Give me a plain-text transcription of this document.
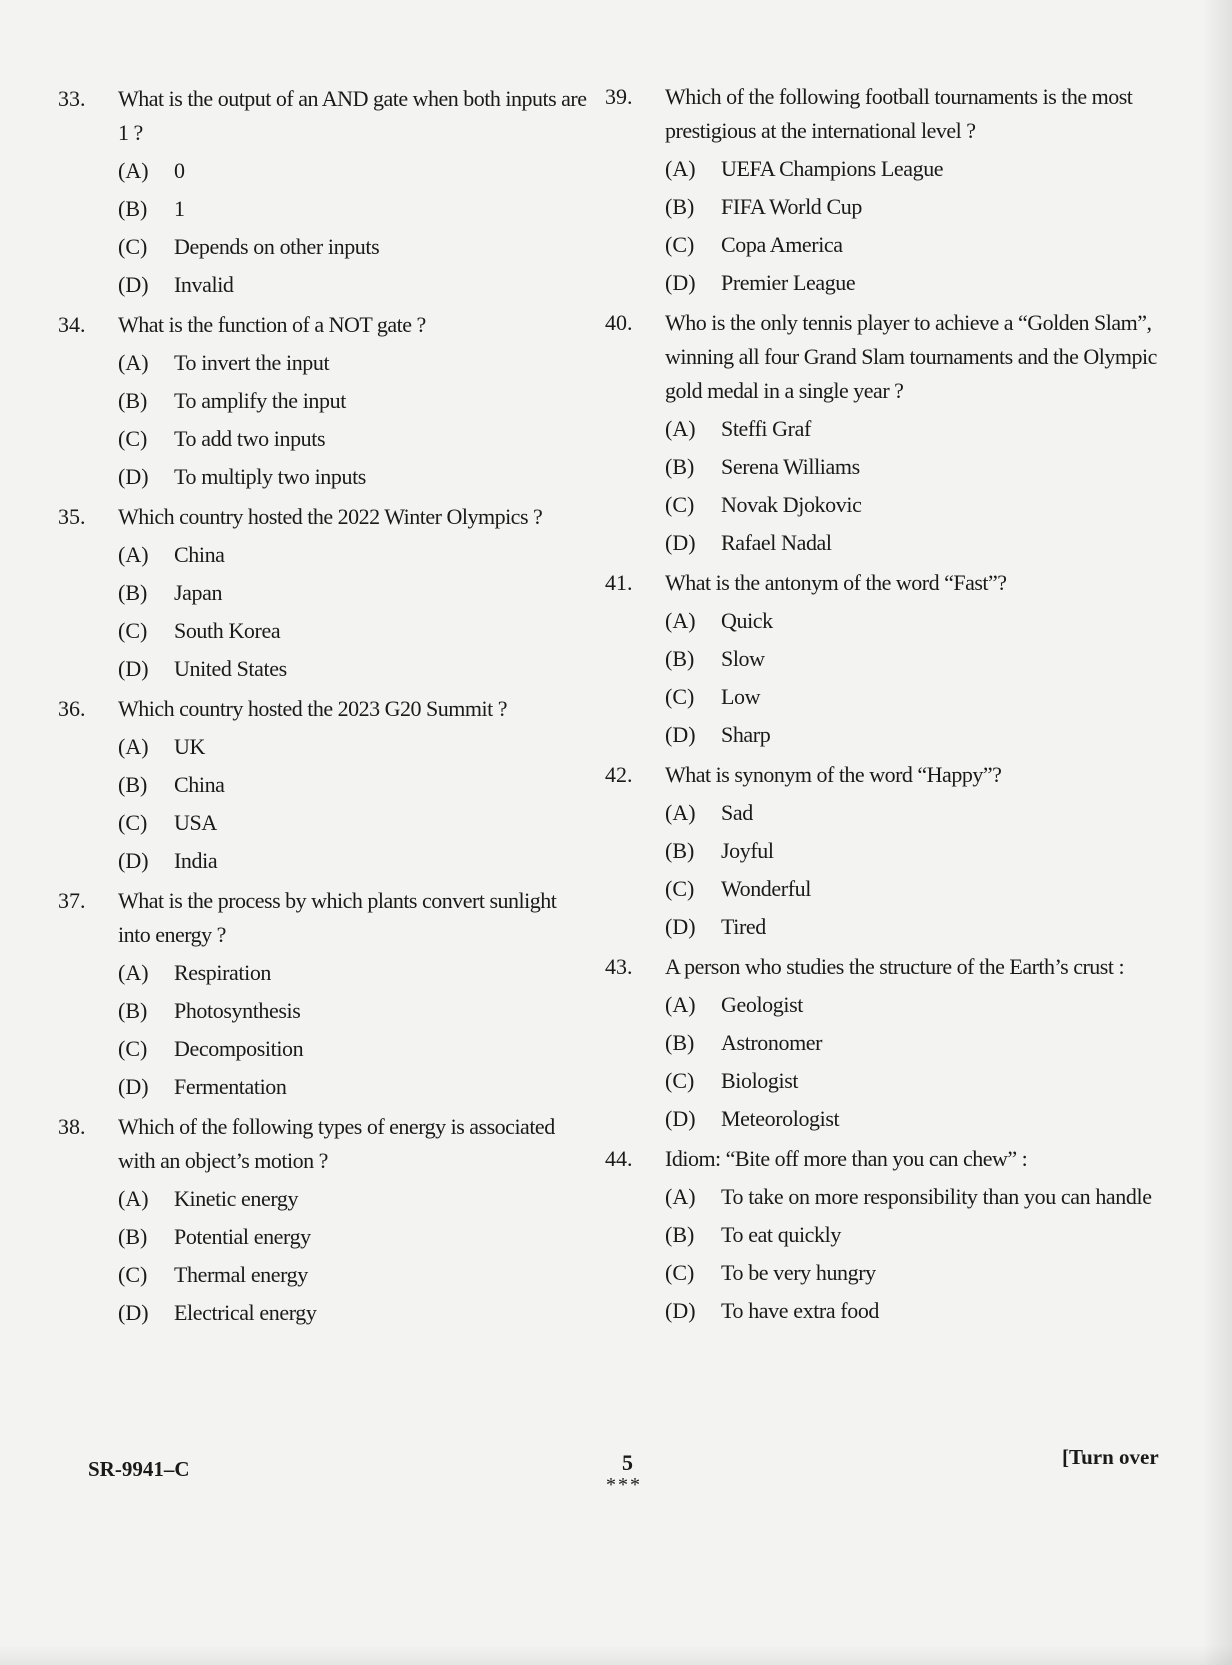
33.	What is the output of an AND gate when both inputs are 1 ?
(A)	0
(B)	1
(C)	Depends on other inputs
(D)	Invalid
34.	What is the function of a NOT gate ?
(A)	To invert the input
(B)	To amplify the input
(C)	To add two inputs
(D)	To multiply two inputs
35.	Which country hosted the 2022 Winter Olympics ?
(A)	China
(B)	Japan
(C)	South Korea
(D)	United States
36.	Which country hosted the 2023 G20 Summit ?
(A)	UK
(B)	China
(C)	USA
(D)	India
37.	What is the process by which plants convert sunlight into energy ?
(A)	Respiration
(B)	Photosynthesis
(C)	Decomposition
(D)	Fermentation
38.	Which of the following types of energy is associated with an object’s motion ?
(A)	Kinetic energy
(B)	Potential energy
(C)	Thermal energy
(D)	Electrical energy
39.	Which of the following football tournaments is the most prestigious at the international level ?
(A)	UEFA Champions League
(B)	FIFA World Cup
(C)	Copa America
(D)	Premier League
40.	Who is the only tennis player to achieve a “Golden Slam”, winning all four Grand Slam tournaments and the Olympic gold medal in a single year ?
(A)	Steffi Graf
(B)	Serena Williams
(C)	Novak Djokovic
(D)	Rafael Nadal
41.	What is the antonym of the word “Fast”?
(A)	Quick
(B)	Slow
(C)	Low
(D)	Sharp
42.	What is synonym of the word “Happy”?
(A)	Sad
(B)	Joyful
(C)	Wonderful
(D)	Tired
43.	A person who studies the structure of the Earth’s crust :
(A)	Geologist
(B)	Astronomer
(C)	Biologist
(D)	Meteorologist
44.	Idiom: “Bite off more than you can chew” :
(A)	To take on more responsibility than you can handle
(B)	To eat quickly
(C)	To be very hungry
(D)	To have extra food
SR-9941–C	5
***
[Turn over
